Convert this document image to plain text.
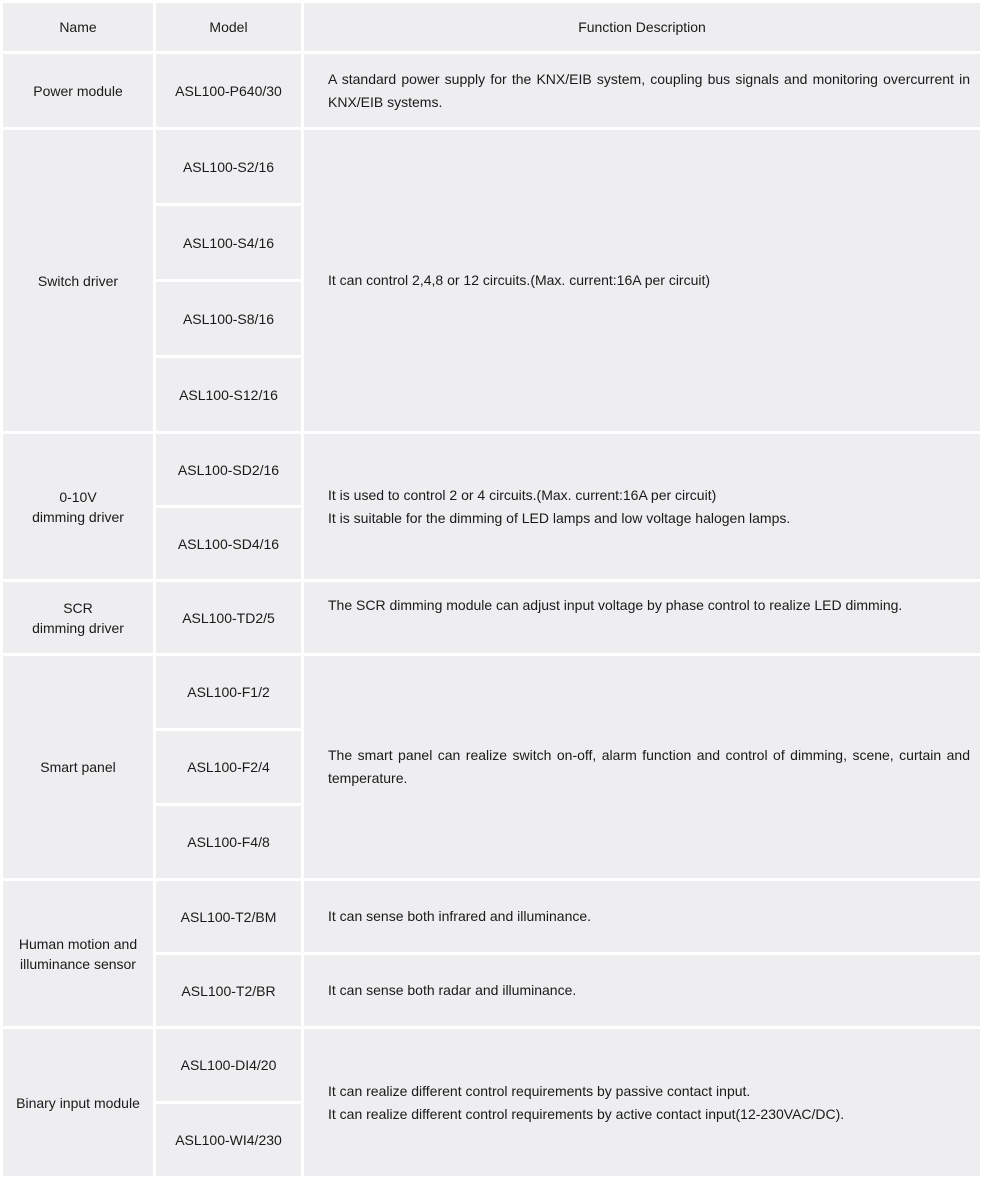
Name	Model	Function Description
Power module	ASL100-P640/30	A standard power supply for the KNX/EIB system, coupling bus signals and monitoring overcurrent in KNX/EIB systems.
Switch driver	ASL100-S2/16	It can control 2,4,8 or 12 circuits.(Max. current:16A per circuit)
	ASL100-S4/16	
	ASL100-S8/16	
	ASL100-S12/16	

0-10V
dimming driver	ASL100-SD2/16	It is used to control 2 or 4 circuits.(Max. current:16A per circuit)
It is suitable for the dimming of LED lamps and low voltage halogen lamps.

	ASL100-SD4/16	

SCR
dimming driver	ASL100-TD2/5	The SCR dimming module can adjust input voltage by phase control to realize LED dimming.
Smart panel	ASL100-F1/2	The smart panel can realize switch on-off, alarm function and control of dimming, scene, curtain and temperature.
	ASL100-F2/4	
	ASL100-F4/8	

Human motion and
illuminance sensor	ASL100-T2/BM	It can sense both infrared and illuminance.
	ASL100-T2/BR	It can sense both radar and illuminance.
Binary input module	ASL100-DI4/20	It can realize different control requirements by passive contact input.
It can realize different control requirements by active contact input(12-230VAC/DC).

	ASL100-WI4/230	
